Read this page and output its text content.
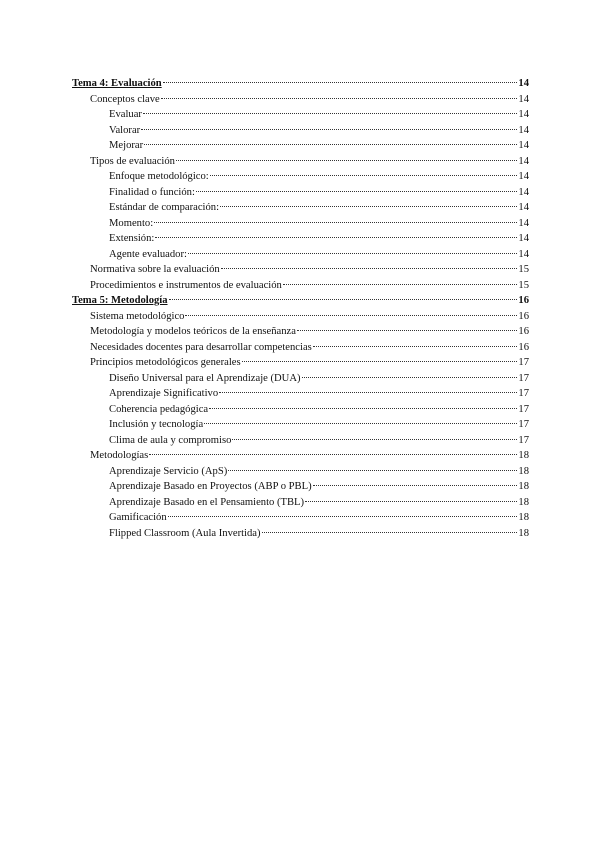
Tema 4: Evaluación	14
Conceptos clave	14
Evaluar	14
Valorar	14
Mejorar	14
Tipos de evaluación	14
Enfoque metodológico:	14
Finalidad o función:	14
Estándar de comparación:	14
Momento:	14
Extensión:	14
Agente evaluador:	14
Normativa sobre la evaluación	15
Procedimientos e instrumentos de evaluación	15
Tema 5: Metodología	16
Sistema metodológico	16
Metodología y modelos teóricos de la enseñanza	16
Necesidades docentes para desarrollar competencias	16
Principios metodológicos generales	17
Diseño Universal para el Aprendizaje (DUA)	17
Aprendizaje Significativo	17
Coherencia pedagógica	17
Inclusión y tecnología	17
Clima de aula y compromiso	17
Metodologías	18
Aprendizaje Servicio (ApS)	18
Aprendizaje Basado en Proyectos (ABP o PBL)	18
Aprendizaje Basado en el Pensamiento (TBL)	18
Gamificación	18
Flipped Classroom (Aula Invertida)	18
